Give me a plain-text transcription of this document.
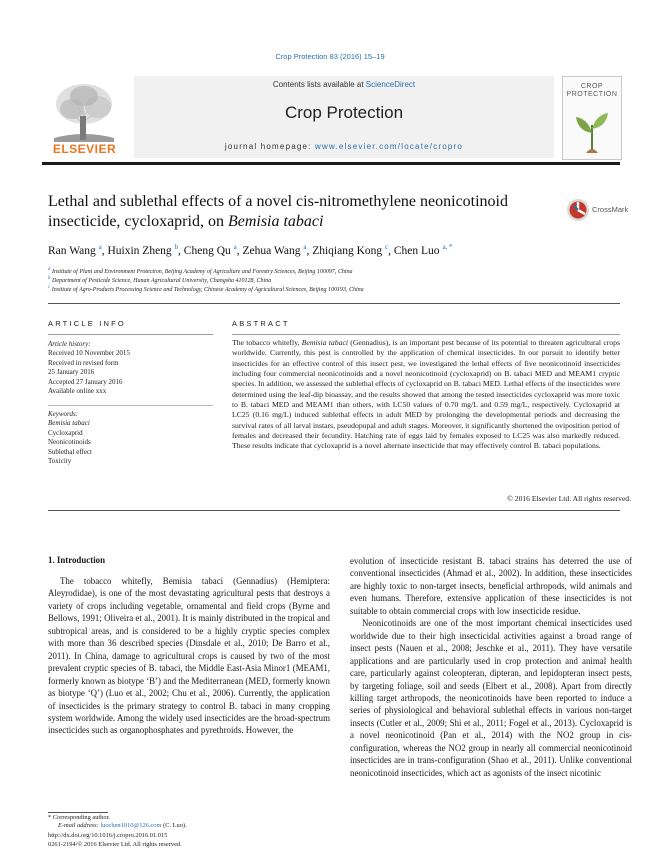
Crop Protection 83 (2016) 15–19
ELSEVIER
Contents lists available at ScienceDirect
Crop Protection
journal homepage: www.elsevier.com/locate/cropro
CROP PROTECTION
Lethal and sublethal effects of a novel cis-nitromethylene neonicotinoid insecticide, cycloxaprid, on Bemisia tabaci
CrossMark
Ran Wang $^a$, Huixin Zheng $^b$, Cheng Qu $^a$, Zehua Wang $^a$, Zhiqiang Kong $^c$, Chen Luo $^{a, *}$
$^a$ Institute of Plant and Environment Protection, Beijing Academy of Agriculture and Forestry Sciences, Beijing 100097, China
$^b$ Department of Pesticide Science, Hunan Agricultural University, Changsha 410128, China
$^c$ Institute of Agro-Products Processing Science and Technology, Chinese Academy of Agricultural Sciences, Beijing 100193, China
ARTICLE INFO
Article history:
Received 10 November 2015
Received in revised form
25 January 2016
Accepted 27 January 2016
Available online xxx
Keywords:
Bemisia tabaci
Cycloxaprid
Neonicotinoids
Sublethal effect
Toxicity
ABSTRACT
The tobacco whitefly, Bemisia tabaci (Gennadius), is an important pest because of its potential to threaten agricultural crops worldwide. Currently, this pest is controlled by the application of chemical insecticides. In our pursuit to identify better insecticides for an effective control of this insect pest, we investigated the lethal effects of five neonicotinoid insecticides including four commercial neonicotinoids and a novel neonicotinoid (cycloxaprid) on B. tabaci MED and MEAM1 cryptic species. In addition, we assessed the sublethal effects of cycloxaprid on B. tabaci MED. Lethal effects of the insecticides were determined using the leaf-dip bioassay, and the results showed that among the tested insecticides cycloxaprid was more toxic to B. tabaci MED and MEAM1 than others, with LC50 values of 0.70 mg/L and 0.59 mg/L, respectively. Cycloxaprid at LC25 (0.16 mg/L) induced sublethal effects in adult MED by prolonging the developmental periods and decreasing the survival rates of all larval instars, pseudopupal and adult stages. Moreover, it significantly shortened the oviposition period of females and decreased their fecundity. Hatching rate of eggs laid by females exposed to LC25 was also markedly reduced. These results indicate that cycloxaprid is a novel alternate insecticide that may effectively control B. tabaci populations.
© 2016 Elsevier Ltd. All rights reserved.
1. Introduction
The tobacco whitefly, Bemisia tabaci (Gennadius) (Hemiptera: Aleyrodidae), is one of the most devastating agricultural pests that destroys a variety of crops including vegetable, ornamental and field crops (Byrne and Bellows, 1991; Oliveira et al., 2001). It is mainly distributed in the tropical and subtropical areas, and is considered to be a highly cryptic species complex with more than 36 described species (Dinsdale et al., 2010; De Barro et al., 2011). In China, damage to agricultural crops is caused by two of the most prevalent cryptic species of B. tabaci, the Middle East-Asia Minor1 (MEAM1, formerly known as biotype ‘B’) and the Mediterranean (MED, formerly known as biotype ‘Q’) (Luo et al., 2002; Chu et al., 2006). Currently, the application of insecticides is the primary strategy to control B. tabaci in many cropping system worldwide. Among the widely used insecticides are the broad-spectrum insecticides such as organophosphates and pyrethroids. However, the

evolution of insecticide resistant B. tabaci strains has deterred the use of conventional insecticides (Ahmad et al., 2002). In addition, these insecticides are highly toxic to non-target insects, beneficial arthropods, wild animals and even humans. Therefore, extensive application of these insecticides is not suitable to obtain commercial crops with low insecticide residue.

Neonicotinoids are one of the most important chemical insecticides used worldwide due to their high insecticidal activities against a broad range of insect pests (Nauen et al., 2008; Jeschke et al., 2011). They have versatile applications and are particularly used in crop protection and animal health care, particularly against coleopteran, dipteran, and lepidopteran insect pests, by targeting foliage, soil and seeds (Elbert et al., 2008). Apart from directly killing target arthropods, the neonicotinoids have been reported to induce a series of physiological and behavioral sublethal effects in various non-target insects (Cutler et al., 2009; Shi et al., 2011; Fogel et al., 2013). Cycloxaprid is a novel neonicotinoid (Pan et al., 2014) with the NO2 group in cis-configuration, whereas the NO2 group in nearly all commercial neonicotinoid insecticides are in trans-configuration (Shao et al., 2011). Unlike conventional neonicotinoid insecticides, which act as agonists of the insect nicotinic

* Corresponding author.
E-mail address: luochen1010@126.com (C. Luo).
http://dx.doi.org/10.1016/j.cropro.2016.01.015
0261-2194/© 2016 Elsevier Ltd. All rights reserved.
